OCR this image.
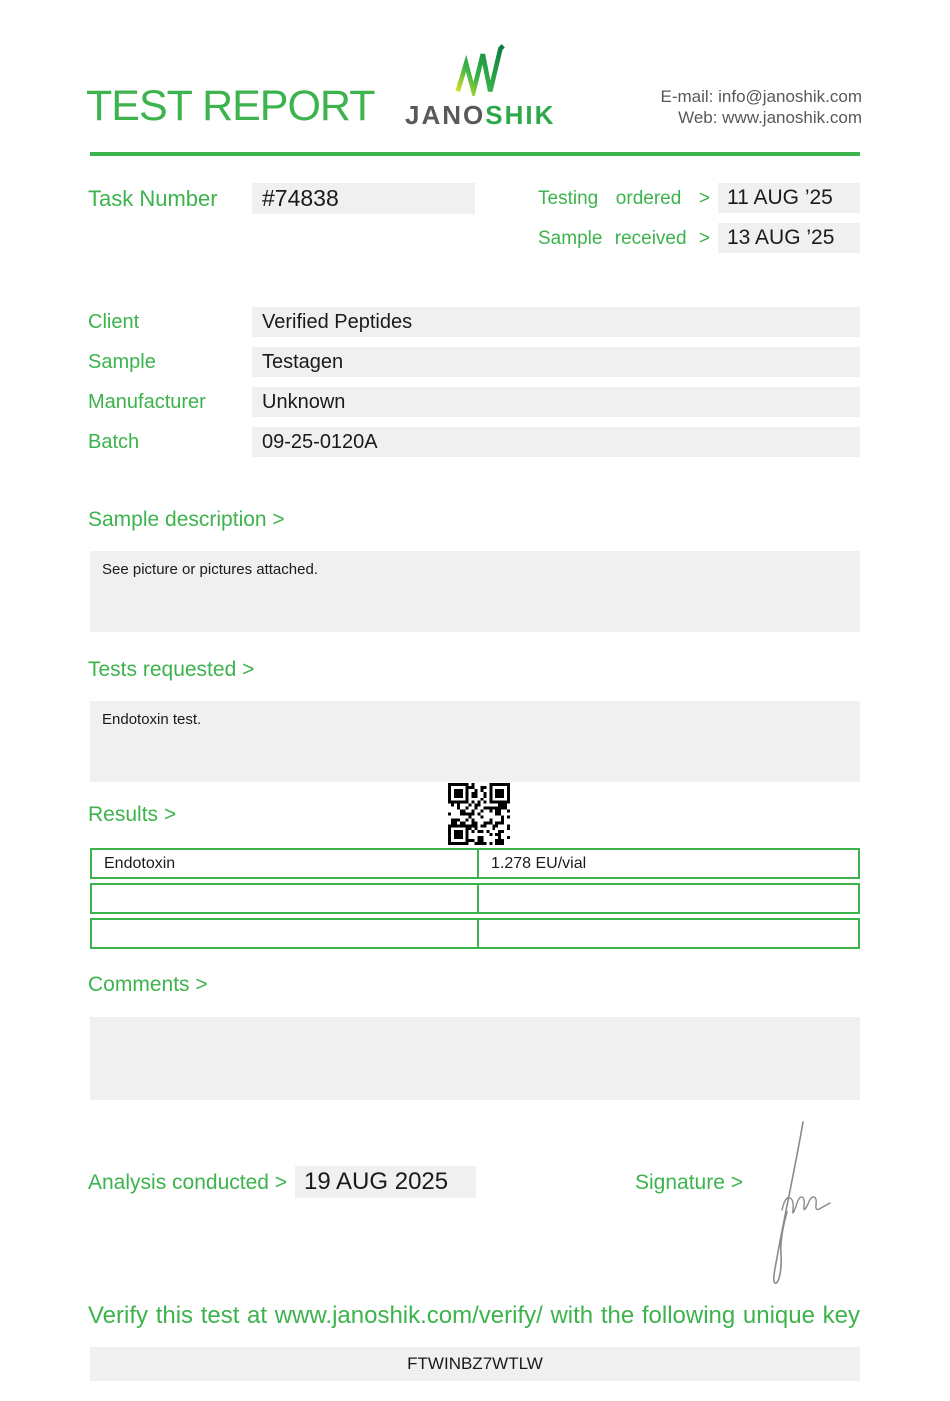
TEST REPORT JANOSHIK
E-mail: info@janoshik.com
Web: www.janoshik.com
Task Number	#74838	Testing ordered > 11 AUG ’25
Sample received > 13 AUG ’25
Client	Verified Peptides
Sample	Testagen
Manufacturer	Unknown
Batch	09-25-0120A
Sample description >
See picture or pictures attached.
Tests requested >
Endotoxin test.
Results >
Endotoxin	1.278 EU/vial
Comments >
Analysis conducted > 19 AUG 2025	Signature >
Verify this test at www.janoshik.com/verify/ with the following unique key
FTWINBZ7WTLW
